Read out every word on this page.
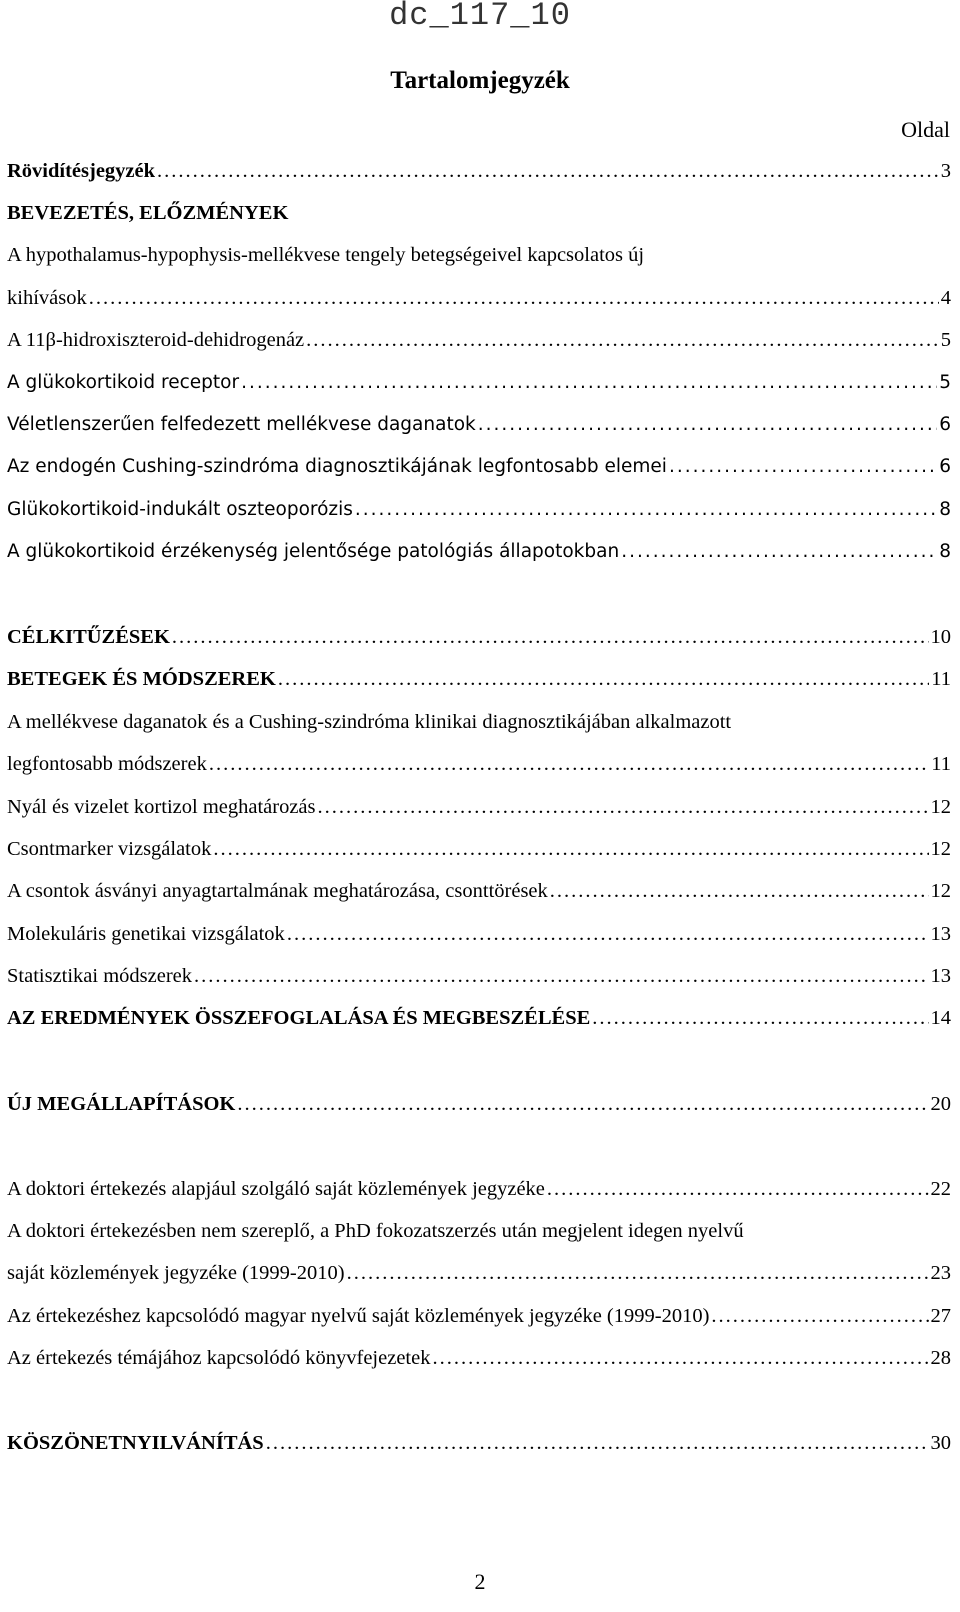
dc_117_10
Tartalomjegyzék
Oldal
Rövidítésjegyzék .....	3
BEVEZETÉS, ELŐZMÉNYEK
A hypothalamus-hypophysis-mellékvese tengely betegségeivel kapcsolatos új
kihívások .....	4
A 11β-hidroxiszteroid-dehidrogenáz .....	5
A glükokortikoid receptor .....	5
Véletlenszerűen felfedezett mellékvese daganatok .....	6
Az endogén Cushing-szindróma diagnosztikájának legfontosabb elemei .....	6
Glükokortikoid-indukált oszteoporózis .....	8
A glükokortikoid érzékenység jelentősége patológiás állapotokban .....	8
CÉLKITŰZÉSEK .....	10
BETEGEK ÉS MÓDSZEREK .....	11
A mellékvese daganatok és a Cushing-szindróma klinikai diagnosztikájában alkalmazott
legfontosabb módszerek .....	11
Nyál és vizelet kortizol meghatározás .....	12
Csontmarker vizsgálatok .....	12
A csontok ásványi anyagtartalmának meghatározása, csonttörések .....	12
Molekuláris genetikai vizsgálatok .....	13
Statisztikai módszerek .....	13
AZ EREDMÉNYEK ÖSSZEFOGLALÁSA ÉS MEGBESZÉLÉSE .....	14
ÚJ MEGÁLLAPÍTÁSOK .....	20
A doktori értekezés alapjául szolgáló saját közlemények jegyzéke .....	22
A doktori értekezésben nem szereplő, a PhD fokozatszerzés után megjelent idegen nyelvű
saját közlemények jegyzéke (1999-2010) .....	23
Az értekezéshez kapcsolódó magyar nyelvű saját közlemények jegyzéke (1999-2010) .....	27
Az értekezés témájához kapcsolódó könyvfejezetek .....	28
KÖSZÖNETNYILVÁNÍTÁS .....	30
2
